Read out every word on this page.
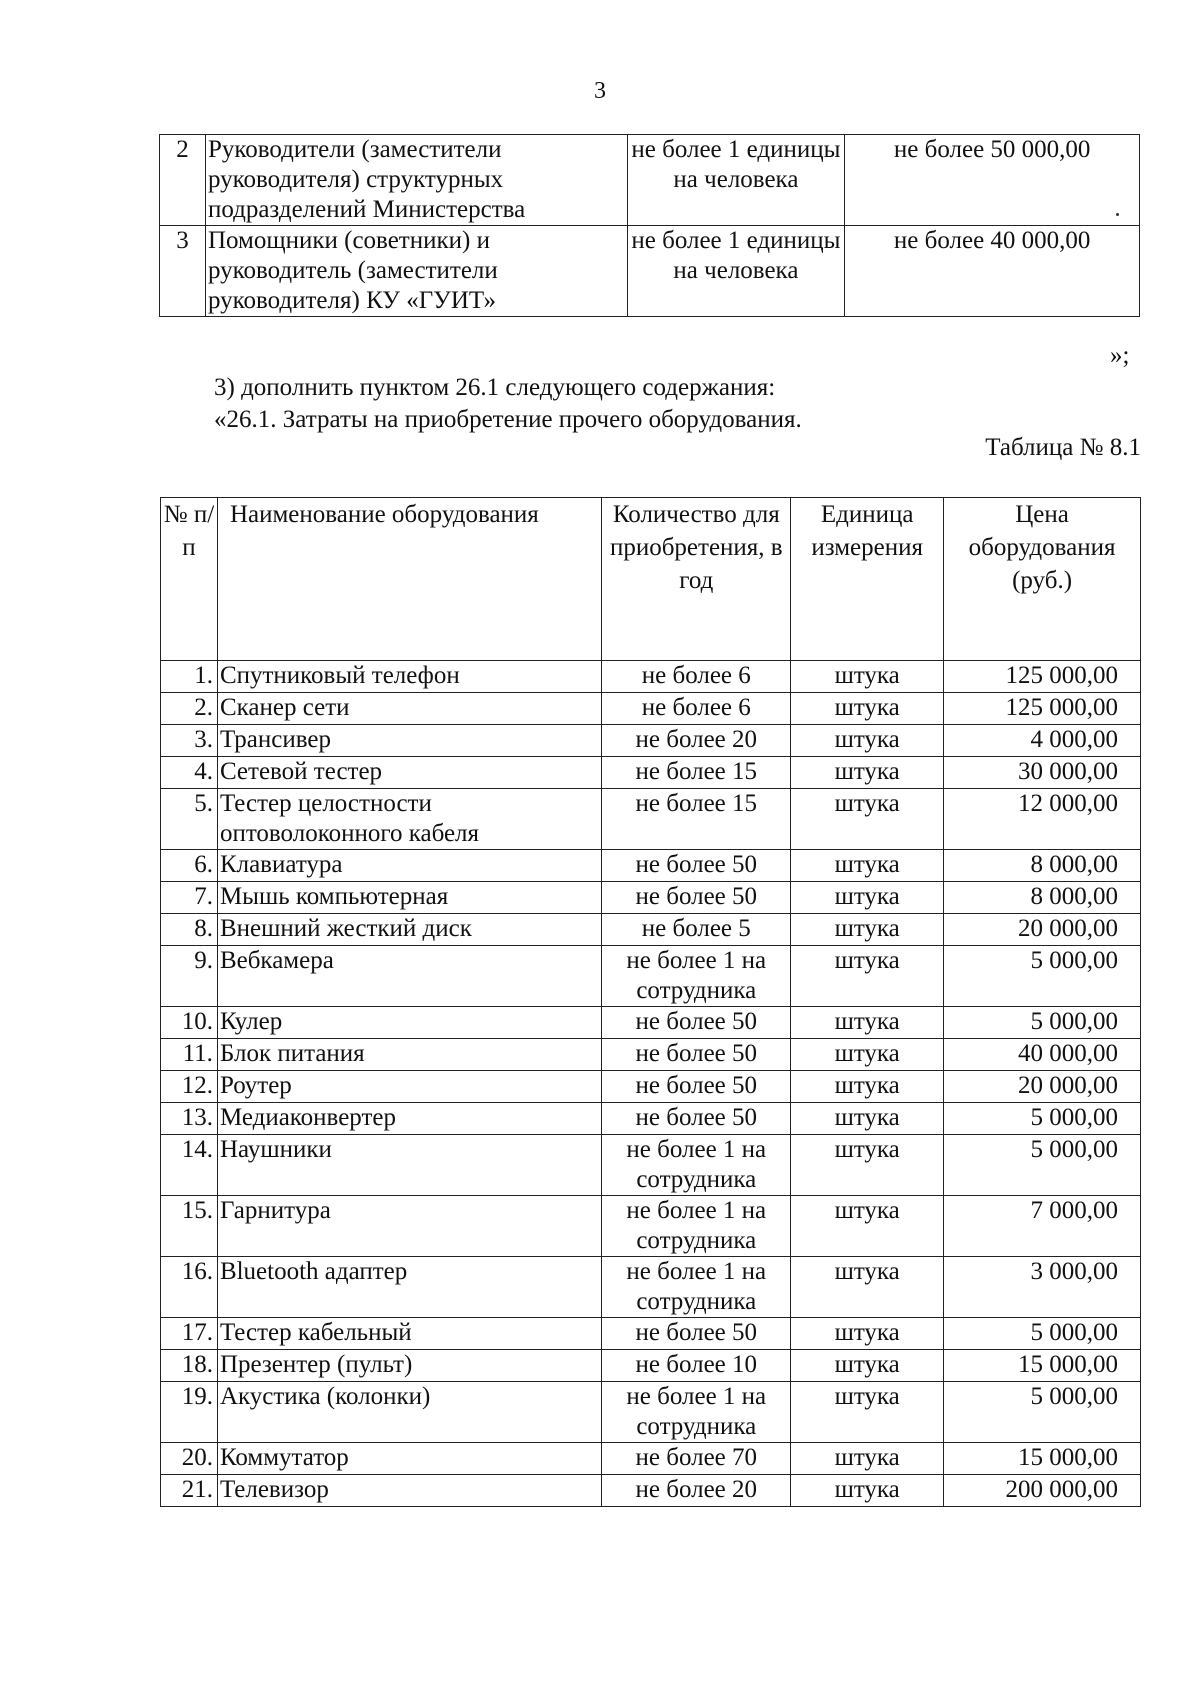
3
2	Руководители (заместители руководителя) структурных подразделений Министерства	не более 1 единицы на человека	не более 50 000,00
3	Помощники (советники) и руководитель (заместители руководителя) КУ «ГУИТ»	не более 1 единицы на человека	не более 40 000,00
»;
3) дополнить пунктом 26.1 следующего содержания:
«26.1. Затраты на приобретение прочего оборудования.
Таблица № 8.1
№ п/п	Наименование оборудования	Количество для приобретения, в год	Единица измерения	Цена оборудования (руб.)
1.	Спутниковый телефон	не более 6	штука	125 000,00
2.	Сканер сети	не более 6	штука	125 000,00
3.	Трансивер	не более 20	штука	4 000,00
4.	Сетевой тестер	не более 15	штука	30 000,00
5.	Тестер целостности оптоволоконного кабеля	не более 15	штука	12 000,00
6.	Клавиатура	не более 50	штука	8 000,00
7.	Мышь компьютерная	не более 50	штука	8 000,00
8.	Внешний жесткий диск	не более 5	штука	20 000,00
9.	Вебкамера	не более 1 на сотрудника	штука	5 000,00
10.	Кулер	не более 50	штука	5 000,00
11.	Блок питания	не более 50	штука	40 000,00
12.	Роутер	не более 50	штука	20 000,00
13.	Медиаконвертер	не более 50	штука	5 000,00
14.	Наушники	не более 1 на сотрудника	штука	5 000,00
15.	Гарнитура	не более 1 на сотрудника	штука	7 000,00
16.	Bluetooth адаптер	не более 1 на сотрудника	штука	3 000,00
17.	Тестер кабельный	не более 50	штука	5 000,00
18.	Презентер (пульт)	не более 10	штука	15 000,00
19.	Акустика (колонки)	не более 1 на сотрудника	штука	5 000,00
20.	Коммутатор	не более 70	штука	15 000,00
21.	Телевизор	не более 20	штука	200 000,00
